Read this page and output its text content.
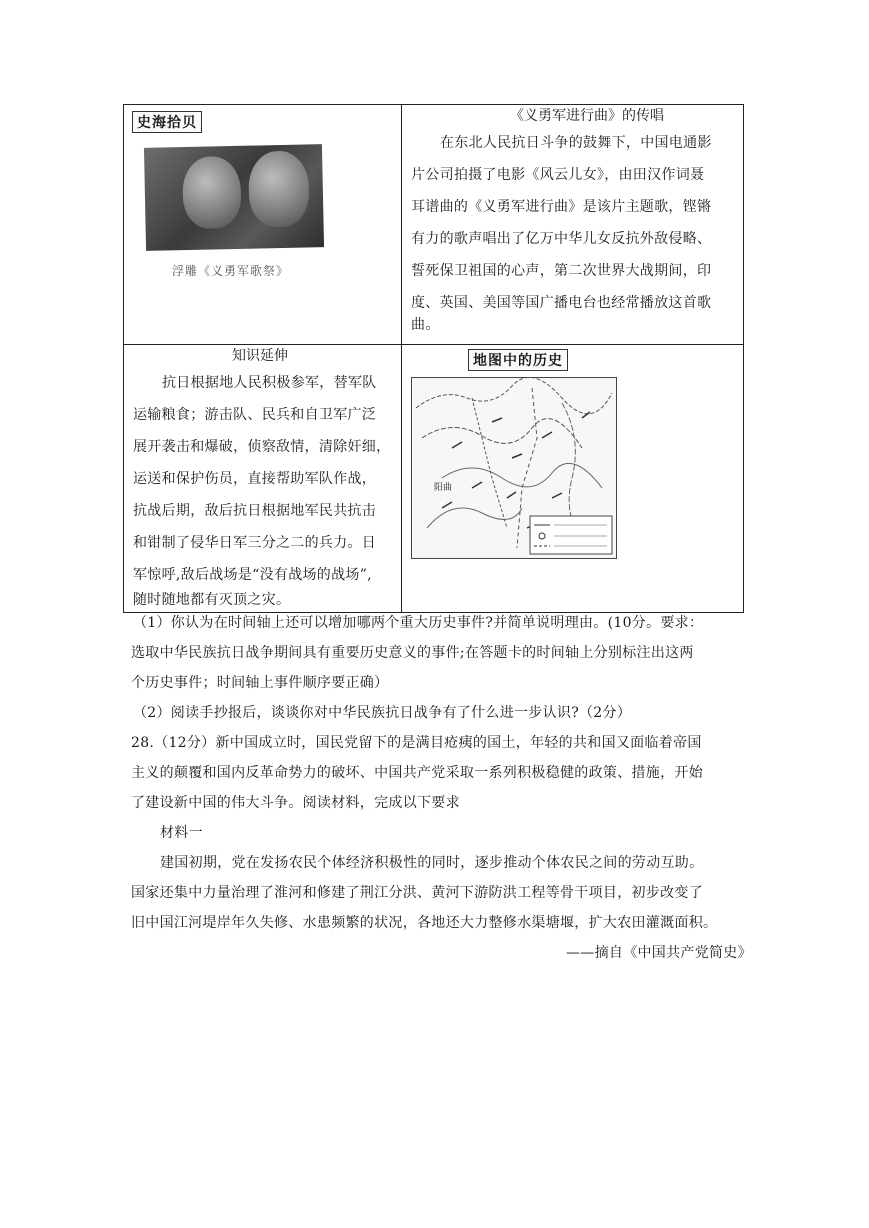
史海拾贝
浮雕《义勇军歌祭》
《义勇军进行曲》的传唱
在东北人民抗日斗争的鼓舞下，中国电通影
片公司拍摄了电影《风云儿女》，由田汉作词聂
耳谱曲的《义勇军进行曲》是该片主题歌，铿锵
有力的歌声唱出了亿万中华儿女反抗外敌侵略、
誓死保卫祖国的心声，第二次世界大战期间，印
度、英国、美国等国广播电台也经常播放这首歌
曲。
知识延伸
抗日根据地人民积极参军，替军队
运输粮食；游击队、民兵和自卫军广泛
展开袭击和爆破，侦察敌情，清除奸细，
运送和保护伤员，直接帮助军队作战，
抗战后期，敌后抗日根据地军民共抗击
和钳制了侵华日军三分之二的兵力。日
军惊呼,敌后战场是“没有战场的战场”,
随时随地都有灭顶之灾。
地图中的历史
阳曲
（1）你认为在时间轴上还可以增加哪两个重大历史事件?并简单说明理由。(10分。要求：
选取中华民族抗日战争期间具有重要历史意义的事件;在答题卡的时间轴上分别标注出这两
个历史事件；时间轴上事件顺序要正确）
（2）阅读手抄报后，谈谈你对中华民族抗日战争有了什么进一步认识?（2分）
28.（12分）新中国成立时，国民党留下的是满目疮痍的国土，年轻的共和国又面临着帝国
主义的颠覆和国内反革命势力的破坏、中国共产党采取一系列积极稳健的政策、措施，开始
了建设新中国的伟大斗争。阅读材料，完成以下要求
材料一
建国初期，党在发扬农民个体经济积极性的同时，逐步推动个体农民之间的劳动互助。
国家还集中力量治理了淮河和修建了荆江分洪、黄河下游防洪工程等骨干项目，初步改变了
旧中国江河堤岸年久失修、水患频繁的状况，各地还大力整修水渠塘堰，扩大农田灌溉面积。
——摘自《中国共产党简史》
